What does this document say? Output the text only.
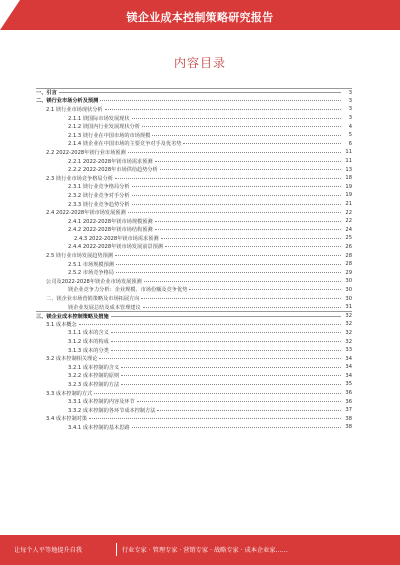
镁企业成本控制策略研究报告
内容目录
一、引言	3
二、镁行业市场分析及预测	3
2.1 镁行业市场现状分析	3
2.1.1 镁国际市场发展现状	3
2.1.2 镁国内行业发展现状分析	4
2.1.3 镁行业在中国市场的市场规模	5
2.1.4 镁企业在中国市场的主要竞争对手及优劣势	6
2.2 2022-2028年镁行业市场预测	11
2.2.1 2022-2028年镁市场需求预测	11
2.2.2 2022-2028年市场供给趋势分析	13
2.3 镁行业市场竞争格局分析	18
2.3.1 镁行业竞争格局分析	19
2.3.2 镁行业竞争对手分析	19
2.3.3 镁行业竞争趋势分析	21
2.4 2022-2028年镁市场发展预测	22
2.4.1 2022-2028年镁市场规模预测	22
2.4.2 2022-2028年镁市场结构预测	24
2.4.3 2022-2028年镁市场需求预测	25
2.4.4 2022-2028年镁市场发展前景预测	26
2.5 镁行业市场发展趋势预测	28
2.5.1 市场规模预测	28
2.5.2 市场竞争格局	29
公司及2022-2028年镁企业市场发展预测	30
镁企业竞争力分析：企业规模、市场份额及竞争优势	30
二、镁企业市场营销策略及市场拓展方向	30
镁企业发展总结及成本管理建议	31
三、镁企业成本控制策略及措施	32
3.1 成本概念	32
3.1.1 成本的含义	32
3.1.2 成本的构成	32
3.1.3 成本的分类	33
3.2 成本控制相关理论	34
3.2.1 成本控制的含义	34
3.2.2 成本控制的原则	34
3.2.3 成本控制的方法	35
3.3 成本控制的方式	36
3.3.1 成本控制的内容及环节	36
3.3.2 成本控制的各环节成本控制方法	37
3.4 成本控制对策	38
3.4.1 成本控制的基本思路	38
让每个人平等地提升自我	行业专家 · 管理专家 · 营销专家 · 战略专家 · 成本企业家……
